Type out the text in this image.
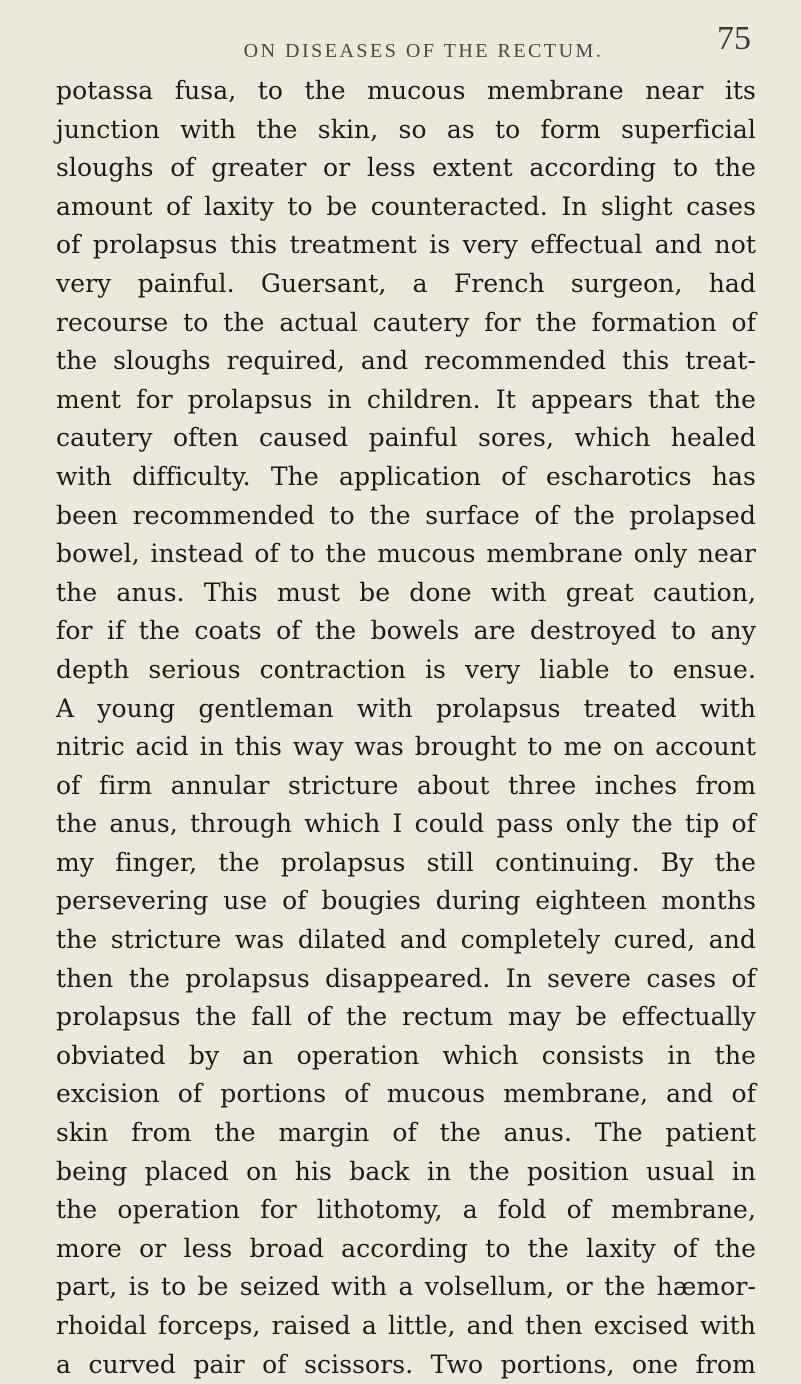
ON DISEASES OF THE RECTUM.	75
potassa fusa, to the mucous membrane near its
junction with the skin, so as to form superficial
sloughs of greater or less extent according to the
amount of laxity to be counteracted. In slight cases
of prolapsus this treatment is very effectual and not
very painful. Guersant, a French surgeon, had
recourse to the actual cautery for the formation of
the sloughs required, and recommended this treat-
ment for prolapsus in children. It appears that the
cautery often caused painful sores, which healed
with difficulty. The application of escharotics has
been recommended to the surface of the prolapsed
bowel, instead of to the mucous membrane only near
the anus. This must be done with great caution,
for if the coats of the bowels are destroyed to any
depth serious contraction is very liable to ensue.
A young gentleman with prolapsus treated with
nitric acid in this way was brought to me on account
of firm annular stricture about three inches from
the anus, through which I could pass only the tip of
my finger, the prolapsus still continuing. By the
persevering use of bougies during eighteen months
the stricture was dilated and completely cured, and
then the prolapsus disappeared. In severe cases of
prolapsus the fall of the rectum may be effectually
obviated by an operation which consists in the
excision of portions of mucous membrane, and of
skin from the margin of the anus. The patient
being placed on his back in the position usual in
the operation for lithotomy, a fold of membrane,
more or less broad according to the laxity of the
part, is to be seized with a volsellum, or the hæmor-
rhoidal forceps, raised a little, and then excised with
a curved pair of scissors. Two portions, one from
